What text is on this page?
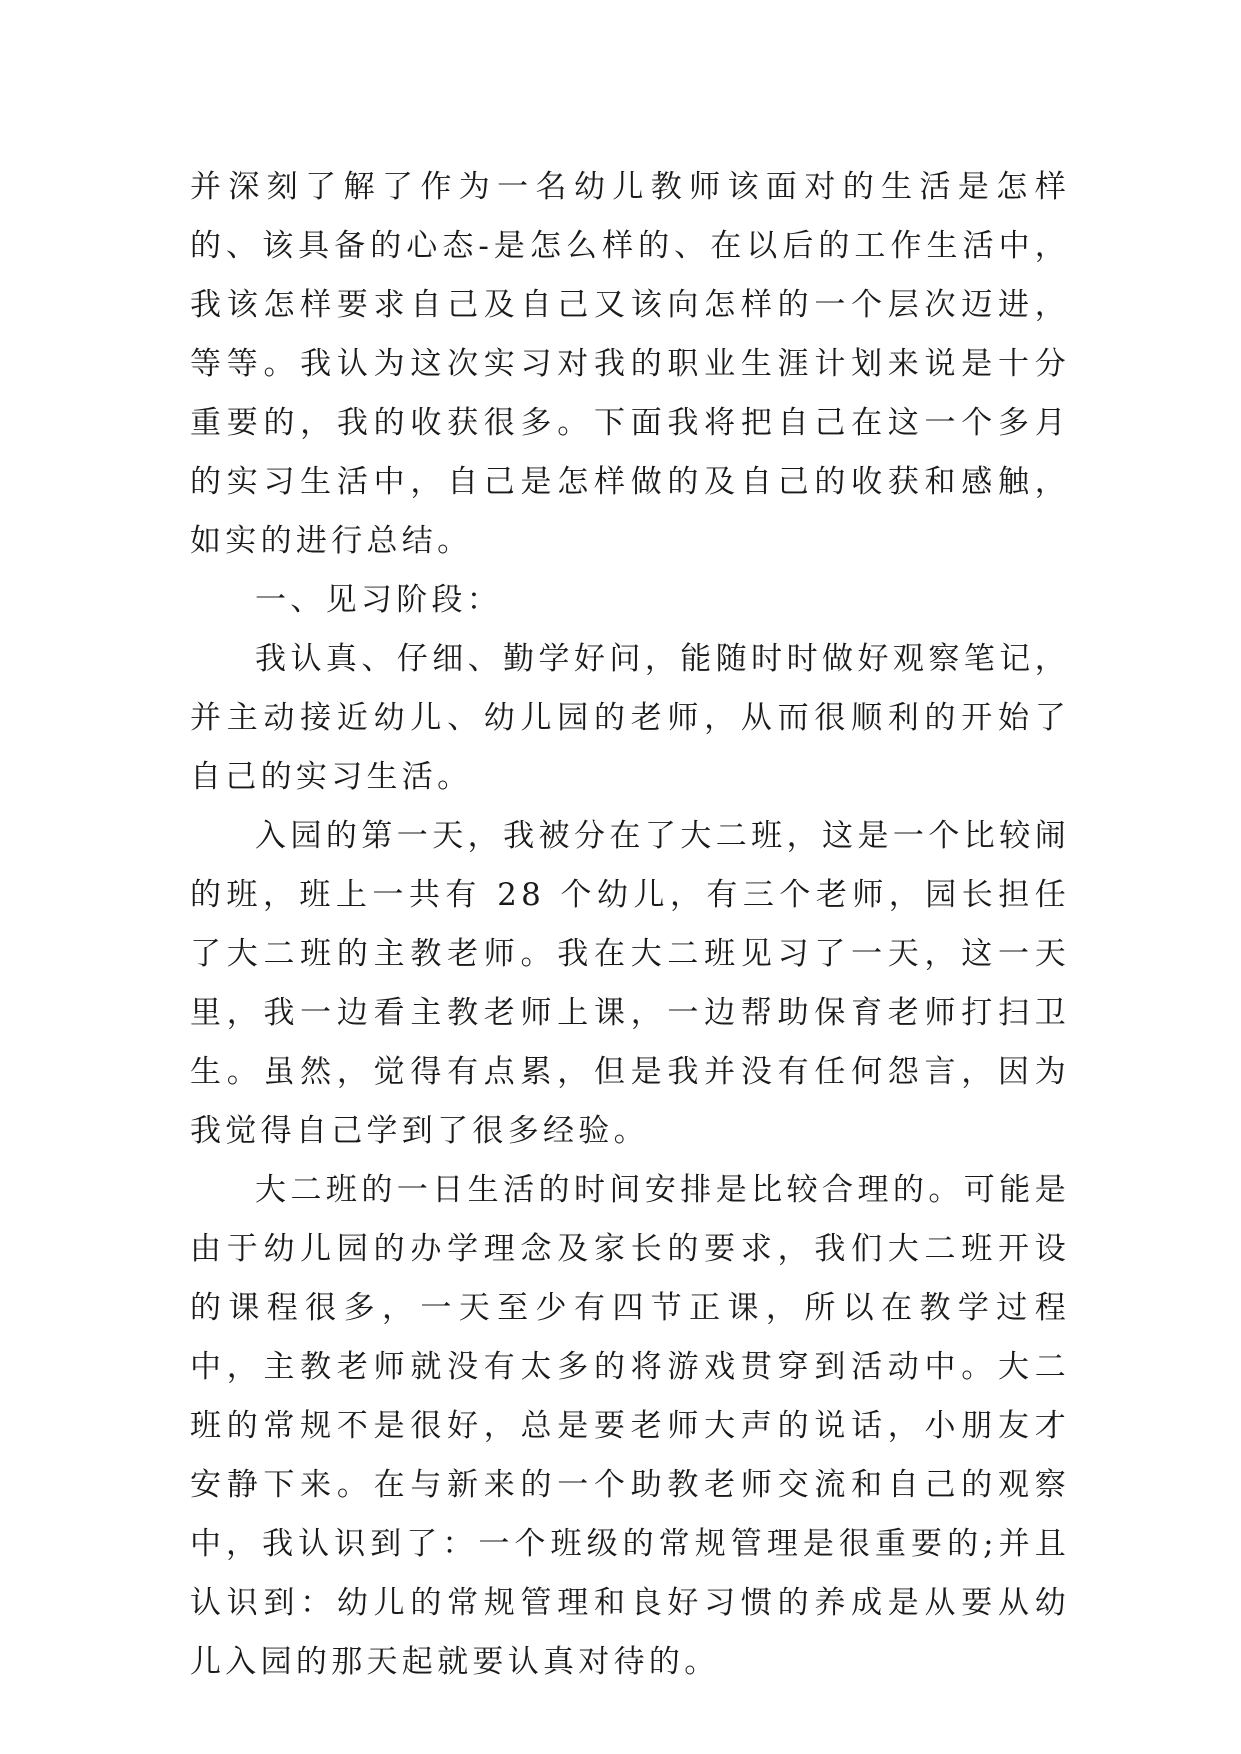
并深刻了解了作为一名幼儿教师该面对的生活是怎样的、该具备的心态-是怎么样的、在以后的工作生活中，我该怎样要求自己及自己又该向怎样的一个层次迈进，等等。我认为这次实习对我的职业生涯计划来说是十分重要的，我的收获很多。下面我将把自己在这一个多月的实习生活中，自己是怎样做的及自己的收获和感触，如实的进行总结。

一、见习阶段：

我认真、仔细、勤学好问，能随时时做好观察笔记，并主动接近幼儿、幼儿园的老师，从而很顺利的开始了自己的实习生活。

入园的第一天，我被分在了大二班，这是一个比较闹的班，班上一共有 28 个幼儿，有三个老师，园长担任了大二班的主教老师。我在大二班见习了一天，这一天里，我一边看主教老师上课，一边帮助保育老师打扫卫生。虽然，觉得有点累，但是我并没有任何怨言，因为我觉得自己学到了很多经验。

大二班的一日生活的时间安排是比较合理的。可能是由于幼儿园的办学理念及家长的要求，我们大二班开设的课程很多，一天至少有四节正课，所以在教学过程中，主教老师就没有太多的将游戏贯穿到活动中。大二班的常规不是很好，总是要老师大声的说话，小朋友才安静下来。在与新来的一个助教老师交流和自己的观察中，我认识到了：一个班级的常规管理是很重要的;并且认识到：幼儿的常规管理和良好习惯的养成是从要从幼儿入园的那天起就要认真对待的。
